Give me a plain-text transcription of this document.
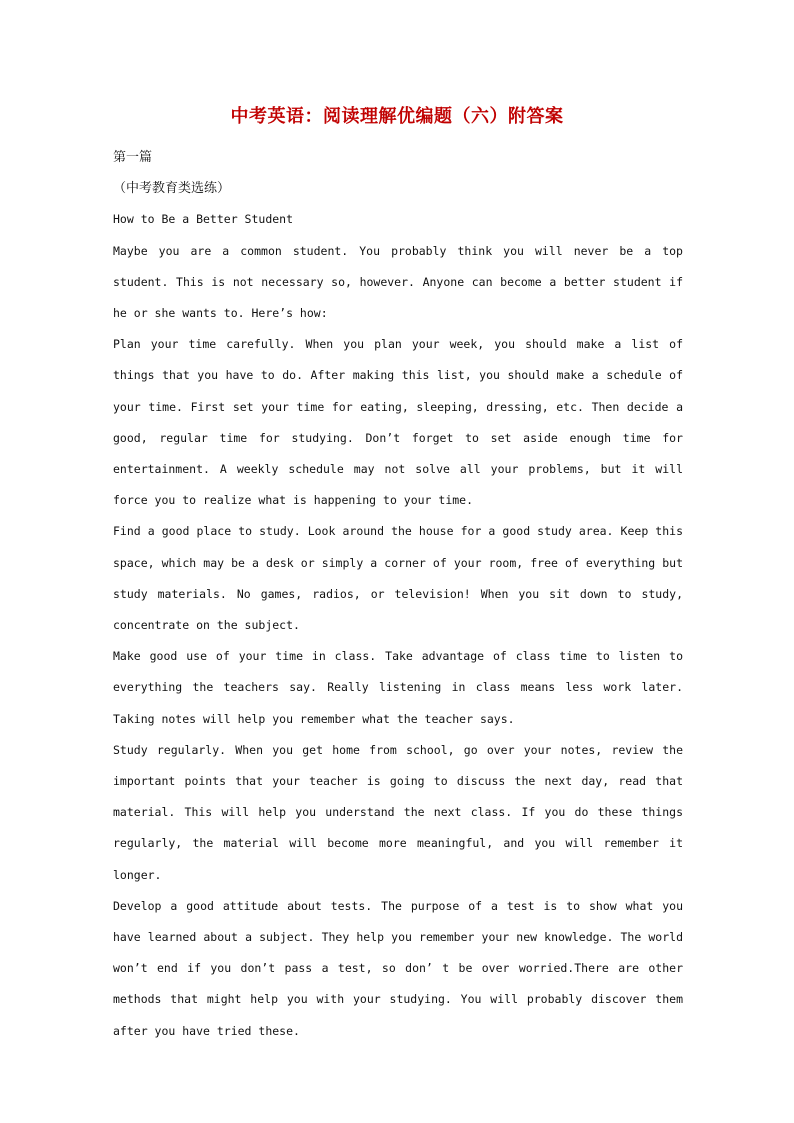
中考英语：阅读理解优编题（六）附答案

第一篇

（中考教育类选练）

How to Be a Better Student

Maybe you are a common student. You probably think you will never be a top student. This is not necessary so, however. Anyone can become a better student if he or she wants to. Here’s how:

Plan your time carefully. When you plan your week, you should make a list of things that you have to do. After making this list, you should make a schedule of your time. First set your time for eating, sleeping, dressing, etc. Then decide a good, regular time for studying. Don’t forget to set aside enough time for entertainment. A weekly schedule may not solve all your problems, but it will force you to realize what is happening to your time.

Find a good place to study. Look around the house for a good study area. Keep this space, which may be a desk or simply a corner of your room, free of everything but study materials. No games, radios, or television! When you sit down to study, concentrate on the subject.

Make good use of your time in class. Take advantage of class time to listen to everything the teachers say. Really listening in class means less work later. Taking notes will help you remember what the teacher says.

Study regularly. When you get home from school, go over your notes, review the important points that your teacher is going to discuss the next day, read that material. This will help you understand the next class. If you do these things regularly, the material will become more meaningful, and you will remember it longer.

Develop a good attitude about tests. The purpose of a test is to show what you have learned about a subject. They help you remember your new knowledge. The world won’t end if you don’t pass a test, so don’ t be over worried.There are other methods that might help you with your studying. You will probably discover them after you have tried these.
